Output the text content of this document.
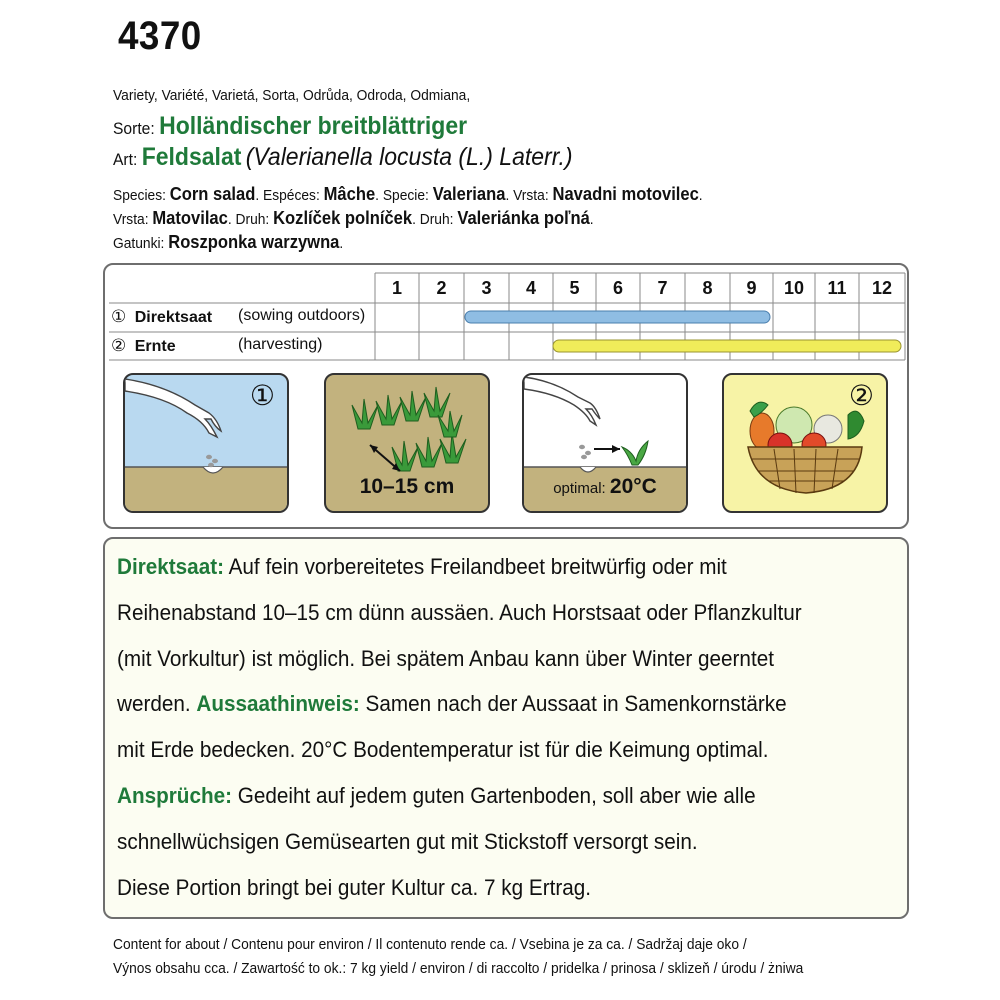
4370
Variety, Variété, Varietá, Sorta, Odrůda, Odroda, Odmiana,
Sorte: Holländischer breitblättriger
Art: Feldsalat (Valerianella locusta (L.) Laterr.)
Species: Corn salad. Espéces: Mâche. Specie: Valeriana. Vrsta: Navadni motovilec.
Vrsta: Matovilac. Druh: Kozlíček polníček. Druh: Valeriánka poľná.
Gatunki: Roszponka warzywna.
1	2	3	4	5	6	7	8	9	10	11	12
① Direktsaat (sowing outdoors)
② Ernte	(harvesting)
①
10–15 cm	optimal: 20°C
②

Direktsaat: Auf fein vorbereitetes Freilandbeet breitwürfig oder mit

Reihenabstand 10–15 cm dünn aussäen. Auch Horstsaat oder Pflanzkultur

(mit Vorkultur) ist möglich. Bei spätem Anbau kann über Winter geerntet

werden. Aussaathinweis: Samen nach der Aussaat in Samenkornstärke

mit Erde bedecken. 20°C Bodentemperatur ist für die Keimung optimal.

Ansprüche: Gedeiht auf jedem guten Gartenboden, soll aber wie alle

schnellwüchsigen Gemüsearten gut mit Stickstoff versorgt sein.

Diese Portion bringt bei guter Kultur ca. 7 kg Ertrag.

Content for about / Contenu pour environ / Il contenuto rende ca. / Vsebina je za ca. / Sadržaj daje oko /
Výnos obsahu cca. / Zawartość to ok.: 7 kg yield / environ / di raccolto / pridelka / prinosa / sklizeň / úrodu / żniwa
